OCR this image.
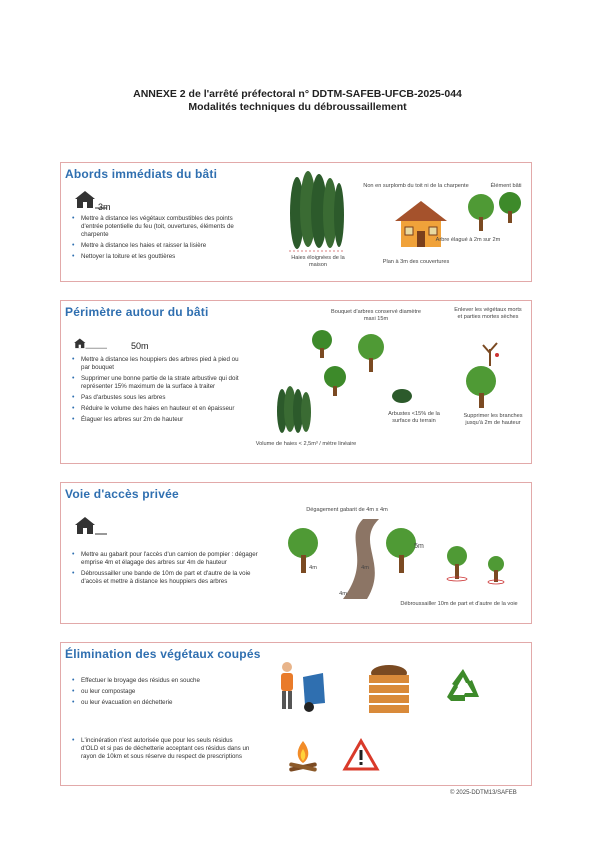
ANNEXE 2 de l'arrêté préfectoral n° DDTM-SAFEB-UFCB-2025-044
Modalités techniques du débroussaillement
Abords immédiats du bâti
3m
• Mettre à distance les végétaux combustibles des points d'entrée potentielle du feu (toit, ouvertures, éléments de charpente
• Mettre à distance les haies et raisser la lisière
• Nettoyer la toiture et les gouttières	Haies éloignées de la maison
Non en surplomb du toit ni de la charpente	Élément bâti
Arbre élagué à 2m sur 2m
Plan à 3m des couvertures
Périmètre autour du bâti
50m
• Mettre à distance les houppiers des arbres pied à pied ou par bouquet
• Supprimer une bonne partie de la strate arbustive qui doit représenter 15% maximum de la surface à traiter
• Pas d'arbustes sous les arbres
• Réduire le volume des haies en hauteur et en épaisseur
• Élaguer les arbres sur 2m de hauteur
Bouquet d'arbres conservé diamètre maxi 15m
Enlever les végétaux morts et parties mortes sèches
Arbustes <15% de la surface du terrain
Supprimer les branches jusqu'à 2m de hauteur
Volume de haies < 2,5m³ / mètre linéaire
Voie d'accès privée
• Mettre au gabarit pour l'accès d'un camion de pompier : dégager emprise 4m et élagage des arbres sur 4m de hauteur
• Débroussailler une bande de 10m de part et d'autre de la voie d'accès et mettre à distance les houppiers des arbres
Dégagement gabarit de 4m x 4m
5m
4m	4m
4m
Débroussailler 10m de part et d'autre de la voie
Élimination des végétaux coupés
• Effectuer le broyage des résidus en souche
• ou leur compostage
• ou leur évacuation en déchetterie
• L'incinération n'est autorisée que pour les seuls résidus d'OLD et si pas de déchetterie acceptant ces résidus dans un rayon de 10km et sous réserve du respect de prescriptions
© 2025-DDTM13/SAFEB
